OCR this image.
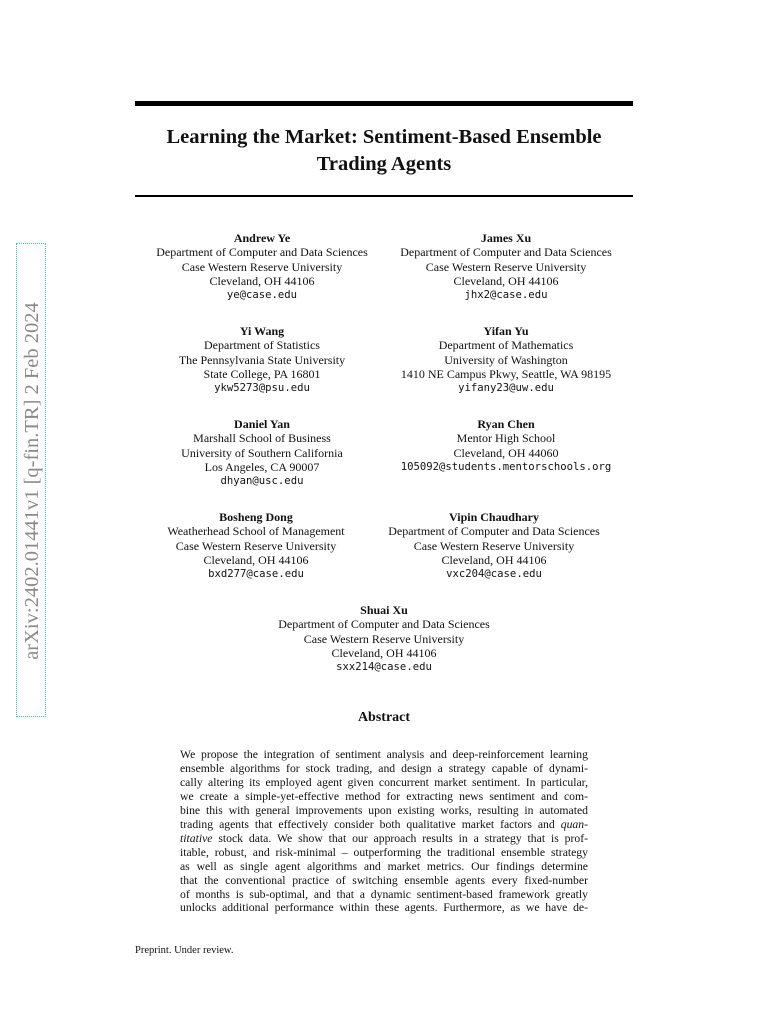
Learning the Market: Sentiment-Based Ensemble
Trading Agents
arXiv:2402.01441v1 [q-fin.TR] 2 Feb 2024
Andrew Ye
Department of Computer and Data Sciences
Case Western Reserve University
Cleveland, OH 44106
ye@case.edu
James Xu
Department of Computer and Data Sciences
Case Western Reserve University
Cleveland, OH 44106
jhx2@case.edu
Yi Wang
Department of Statistics
The Pennsylvania State University
State College, PA 16801
ykw5273@psu.edu
Yifan Yu
Department of Mathematics
University of Washington
1410 NE Campus Pkwy, Seattle, WA 98195
yifany23@uw.edu
Daniel Yan
Marshall School of Business
University of Southern California
Los Angeles, CA 90007
dhyan@usc.edu
Ryan Chen
Mentor High School
Cleveland, OH 44060
105092@students.mentorschools.org
Bosheng Dong
Weatherhead School of Management
Case Western Reserve University
Cleveland, OH 44106
bxd277@case.edu
Vipin Chaudhary
Department of Computer and Data Sciences
Case Western Reserve University
Cleveland, OH 44106
vxc204@case.edu
Shuai Xu
Department of Computer and Data Sciences
Case Western Reserve University
Cleveland, OH 44106
sxx214@case.edu
Abstract
We propose the integration of sentiment analysis and deep-reinforcement learning
ensemble algorithms for stock trading, and design a strategy capable of dynami-
cally altering its employed agent given concurrent market sentiment. In particular,
we create a simple-yet-effective method for extracting news sentiment and com-
bine this with general improvements upon existing works, resulting in automated
trading agents that effectively consider both qualitative market factors and quan-
titative stock data. We show that our approach results in a strategy that is prof-
itable, robust, and risk-minimal – outperforming the traditional ensemble strategy
as well as single agent algorithms and market metrics. Our findings determine
that the conventional practice of switching ensemble agents every fixed-number
of months is sub-optimal, and that a dynamic sentiment-based framework greatly
unlocks additional performance within these agents. Furthermore, as we have de-
Preprint. Under review.
